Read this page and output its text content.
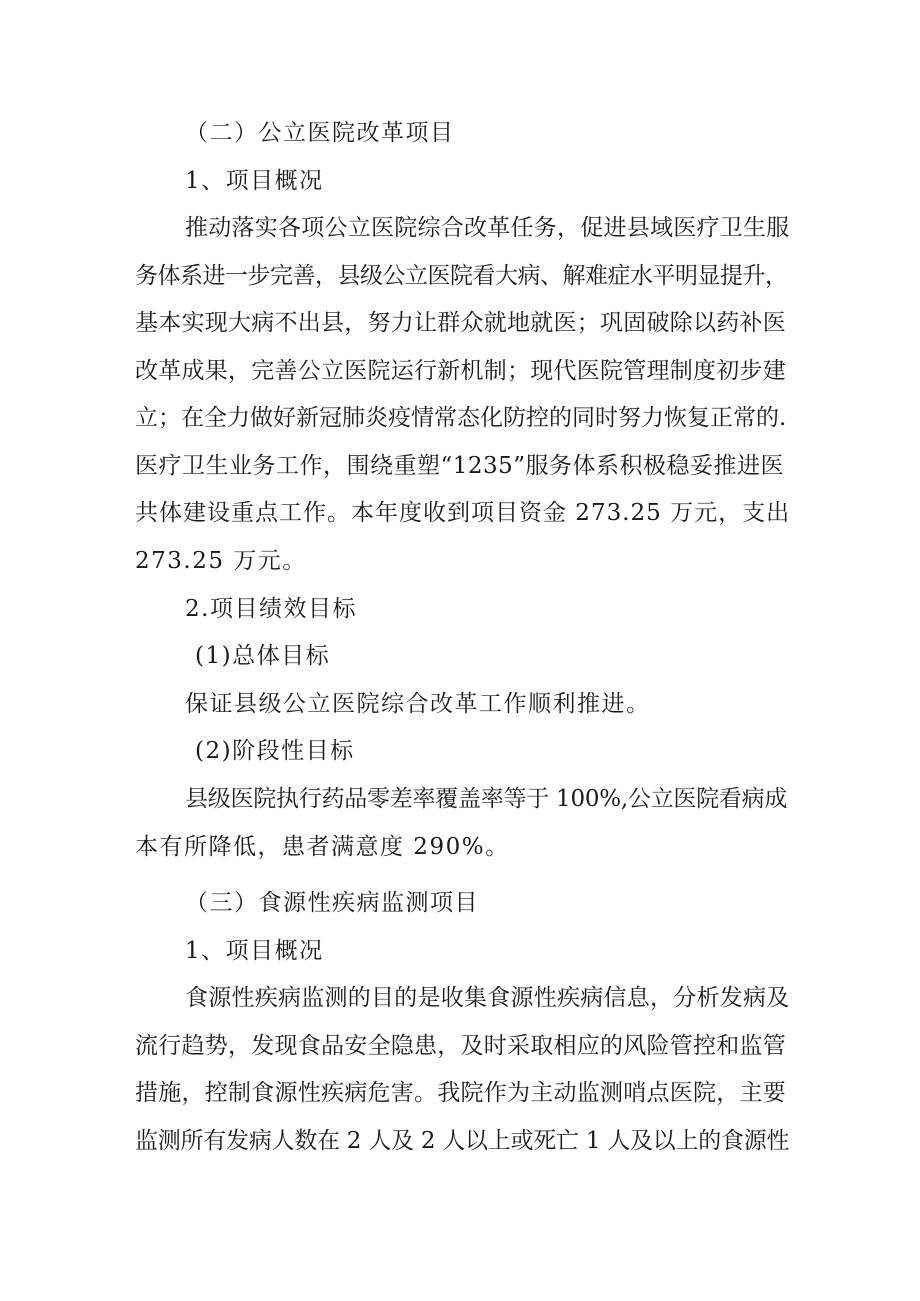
（二）公立医院改革项目
1、项目概况
推动落实各项公立医院综合改革任务，促进县域医疗卫生服
务体系进一步完善，县级公立医院看大病、解难症水平明显提升，
基本实现大病不出县，努力让群众就地就医；巩固破除以药补医
改革成果，完善公立医院运行新机制；现代医院管理制度初步建
立；在全力做好新冠肺炎疫情常态化防控的同时努力恢复正常的.
医疗卫生业务工作，围绕重塑“1235”服务体系积极稳妥推进医
共体建设重点工作。本年度收到项目资金 273.25 万元，支出
273.25 万元。
2.项目绩效目标
(1)总体目标
保证县级公立医院综合改革工作顺利推进。
(2)阶段性目标
县级医院执行药品零差率覆盖率等于 100%,公立医院看病成
本有所降低，患者满意度 290%。
（三）食源性疾病监测项目
1、项目概况
食源性疾病监测的目的是收集食源性疾病信息，分析发病及
流行趋势，发现食品安全隐患，及时采取相应的风险管控和监管
措施，控制食源性疾病危害。我院作为主动监测哨点医院，主要
监测所有发病人数在 2 人及 2 人以上或死亡 1 人及以上的食源性
